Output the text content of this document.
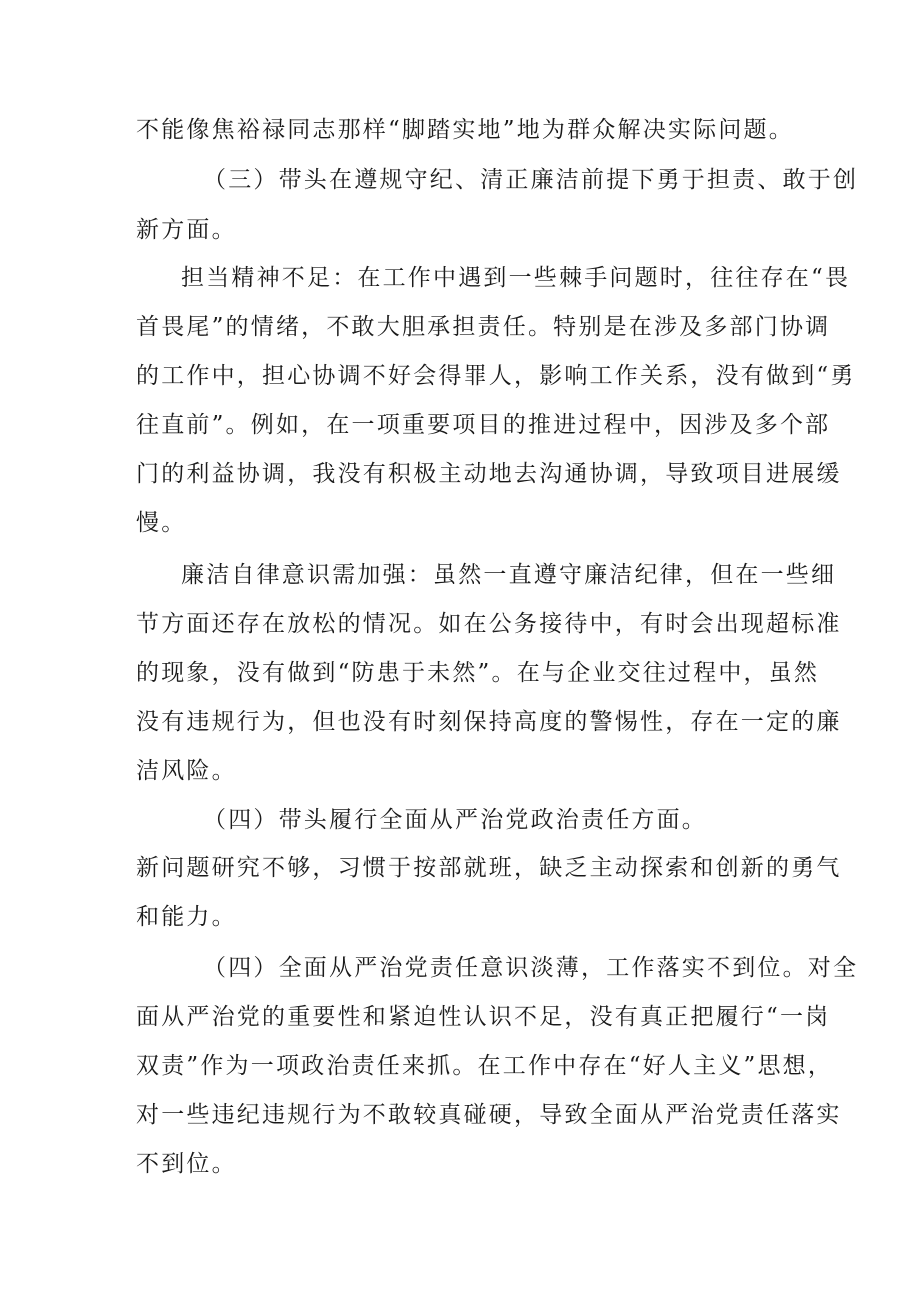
不能像焦裕禄同志那样“脚踏实地”地为群众解决实际问题。
（三）带头在遵规守纪、清正廉洁前提下勇于担责、敢于创
新方面。
担当精神不足：在工作中遇到一些棘手问题时，往往存在“畏
首畏尾”的情绪，不敢大胆承担责任。特别是在涉及多部门协调
的工作中，担心协调不好会得罪人，影响工作关系，没有做到“勇
往直前”。例如，在一项重要项目的推进过程中，因涉及多个部
门的利益协调，我没有积极主动地去沟通协调，导致项目进展缓
慢。
廉洁自律意识需加强：虽然一直遵守廉洁纪律，但在一些细
节方面还存在放松的情况。如在公务接待中，有时会出现超标准
的现象，没有做到“防患于未然”。在与企业交往过程中，虽然
没有违规行为，但也没有时刻保持高度的警惕性，存在一定的廉
洁风险。
（四）带头履行全面从严治党政治责任方面。
新问题研究不够，习惯于按部就班，缺乏主动探索和创新的勇气
和能力。
（四）全面从严治党责任意识淡薄，工作落实不到位。对全
面从严治党的重要性和紧迫性认识不足，没有真正把履行“一岗
双责”作为一项政治责任来抓。在工作中存在“好人主义”思想，
对一些违纪违规行为不敢较真碰硬，导致全面从严治党责任落实
不到位。
